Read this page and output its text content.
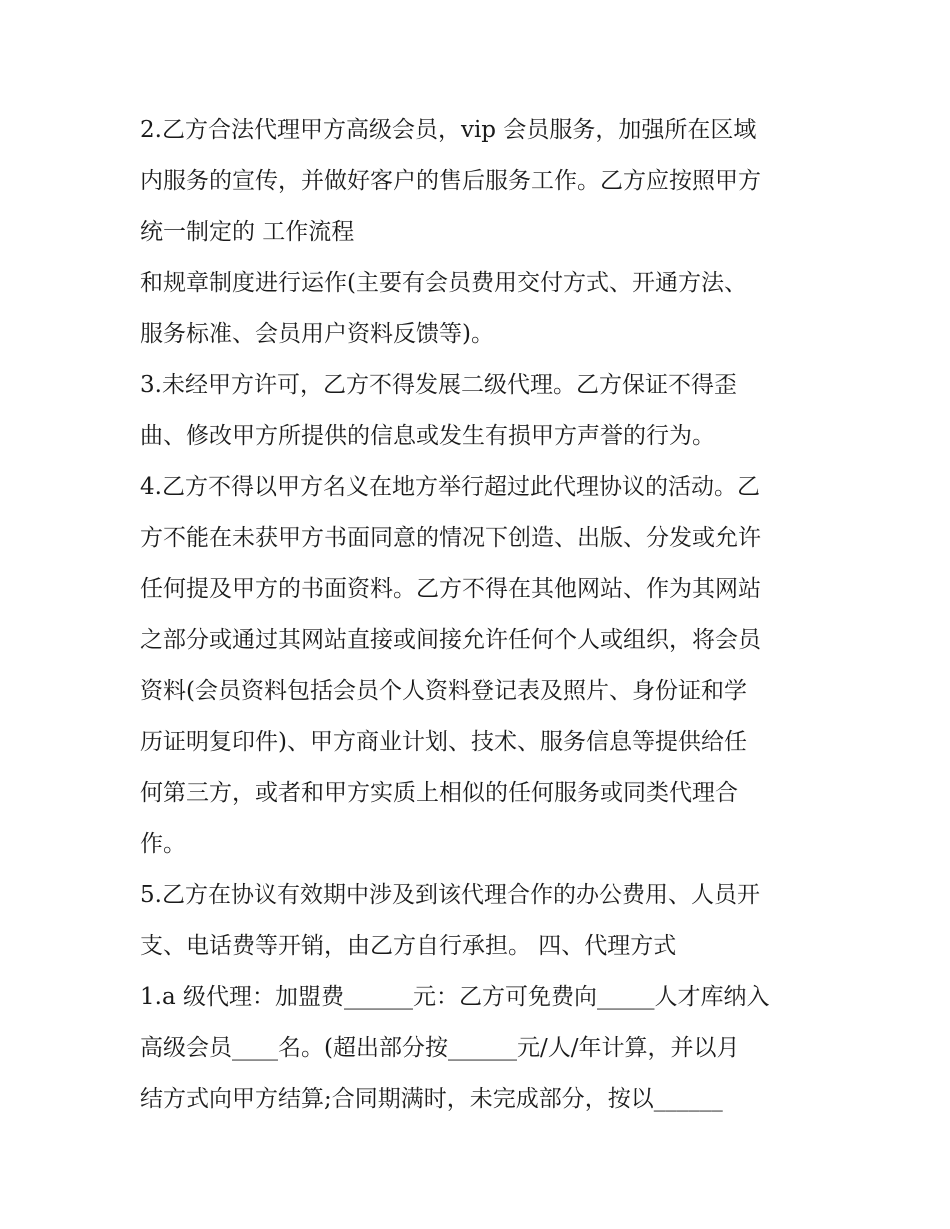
2.乙方合法代理甲方高级会员，vip 会员服务，加强所在区域
内服务的宣传，并做好客户的售后服务工作。乙方应按照甲方
统一制定的 工作流程
和规章制度进行运作(主要有会员费用交付方式、开通方法、
服务标准、会员用户资料反馈等)。
3.未经甲方许可，乙方不得发展二级代理。乙方保证不得歪
曲、修改甲方所提供的信息或发生有损甲方声誉的行为。
4.乙方不得以甲方名义在地方举行超过此代理协议的活动。乙
方不能在未获甲方书面同意的情况下创造、出版、分发或允许
任何提及甲方的书面资料。乙方不得在其他网站、作为其网站
之部分或通过其网站直接或间接允许任何个人或组织，将会员
资料(会员资料包括会员个人资料登记表及照片、身份证和学
历证明复印件)、甲方商业计划、技术、服务信息等提供给任
何第三方，或者和甲方实质上相似的任何服务或同类代理合
作。
5.乙方在协议有效期中涉及到该代理合作的办公费用、人员开
支、电话费等开销，由乙方自行承担。 四、代理方式
1.a 级代理：加盟费______元：乙方可免费向_____人才库纳入
高级会员____名。(超出部分按______元/人/年计算，并以月
结方式向甲方结算;合同期满时，未完成部分，按以______
